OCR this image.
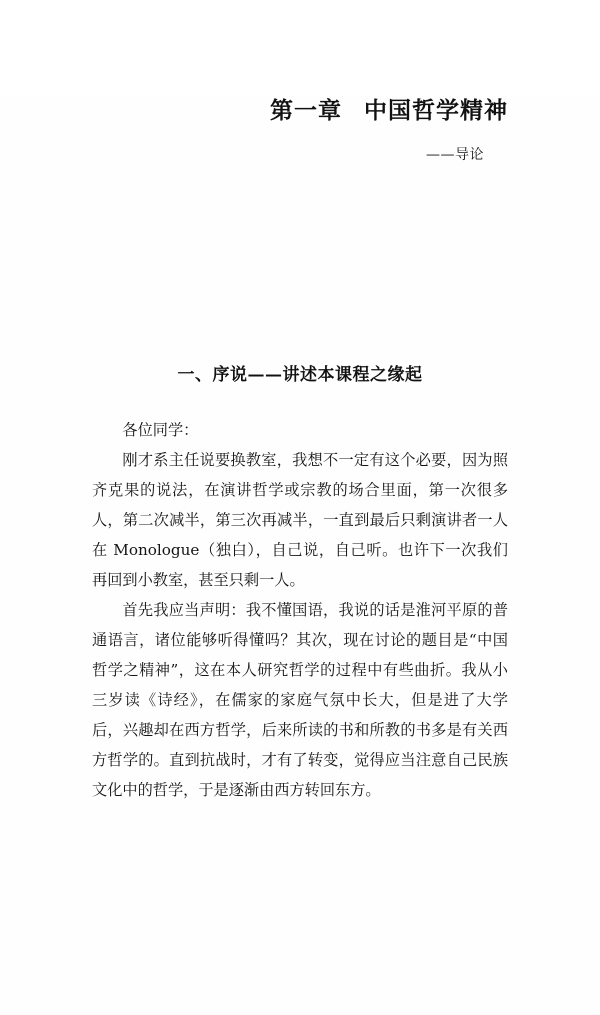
第一章 中国哲学精神
——导论
一、序说——讲述本课程之缘起

各位同学：

刚才系主任说要换教室，我想不一定有这个必要，因为照齐克果的说法，在演讲哲学或宗教的场合里面，第一次很多人，第二次减半，第三次再减半，一直到最后只剩演讲者一人在 Monologue（独白），自己说，自己听。也许下一次我们再回到小教室，甚至只剩一人。

首先我应当声明：我不懂国语，我说的话是淮河平原的普通语言，诸位能够听得懂吗？其次，现在讨论的题目是“中国哲学之精神”，这在本人研究哲学的过程中有些曲折。我从小三岁读《诗经》，在儒家的家庭气氛中长大，但是进了大学后，兴趣却在西方哲学，后来所读的书和所教的书多是有关西方哲学的。直到抗战时，才有了转变，觉得应当注意自己民族文化中的哲学，于是逐渐由西方转回东方。
